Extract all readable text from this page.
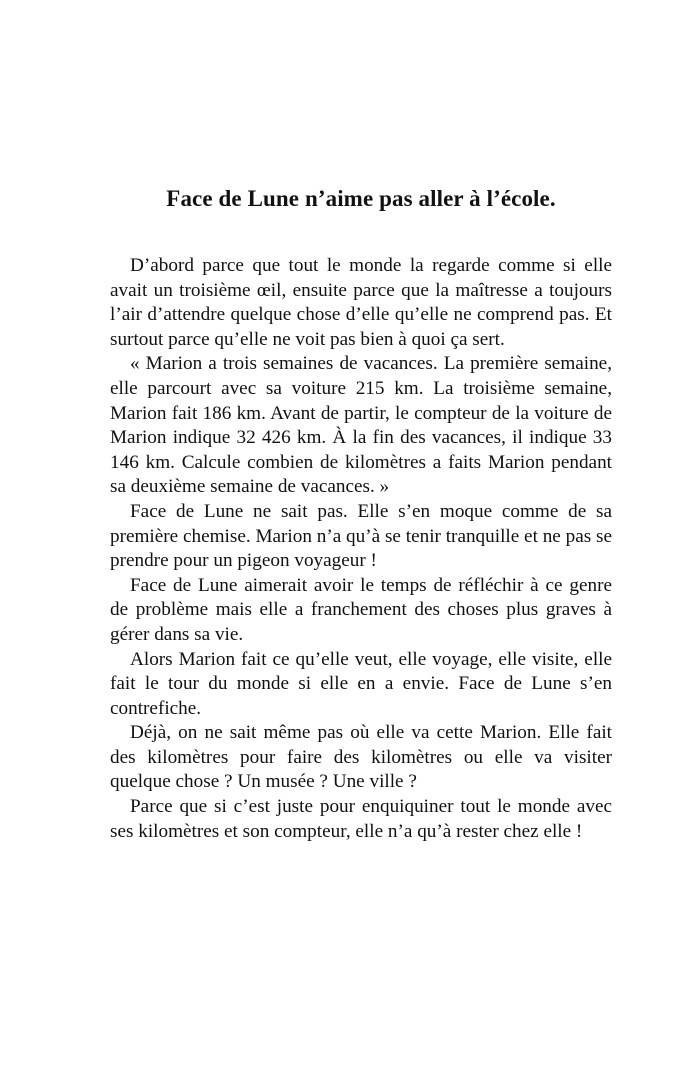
Face de Lune n’aime pas aller à l’école.

D’abord parce que tout le monde la regarde comme si elle avait un troisième œil, ensuite parce que la maîtresse a toujours l’air d’attendre quelque chose d’elle qu’elle ne comprend pas. Et surtout parce qu’elle ne voit pas bien à quoi ça sert.

« Marion a trois semaines de vacances. La première semaine, elle parcourt avec sa voiture 215 km. La troisième semaine, Marion fait 186 km. Avant de partir, le compteur de la voiture de Marion indique 32 426 km. À la fin des vacances, il indique 33 146 km. Calcule combien de kilomètres a faits Marion pendant sa deuxième semaine de vacances. »

Face de Lune ne sait pas. Elle s’en moque comme de sa première chemise. Marion n’a qu’à se tenir tranquille et ne pas se prendre pour un pigeon voyageur !

Face de Lune aimerait avoir le temps de réfléchir à ce genre de problème mais elle a franchement des choses plus graves à gérer dans sa vie.

Alors Marion fait ce qu’elle veut, elle voyage, elle visite, elle fait le tour du monde si elle en a envie. Face de Lune s’en contrefiche.

Déjà, on ne sait même pas où elle va cette Marion. Elle fait des kilomètres pour faire des kilomètres ou elle va visiter quelque chose ? Un musée ? Une ville ?

Parce que si c’est juste pour enquiquiner tout le monde avec ses kilomètres et son compteur, elle n’a qu’à rester chez elle !
